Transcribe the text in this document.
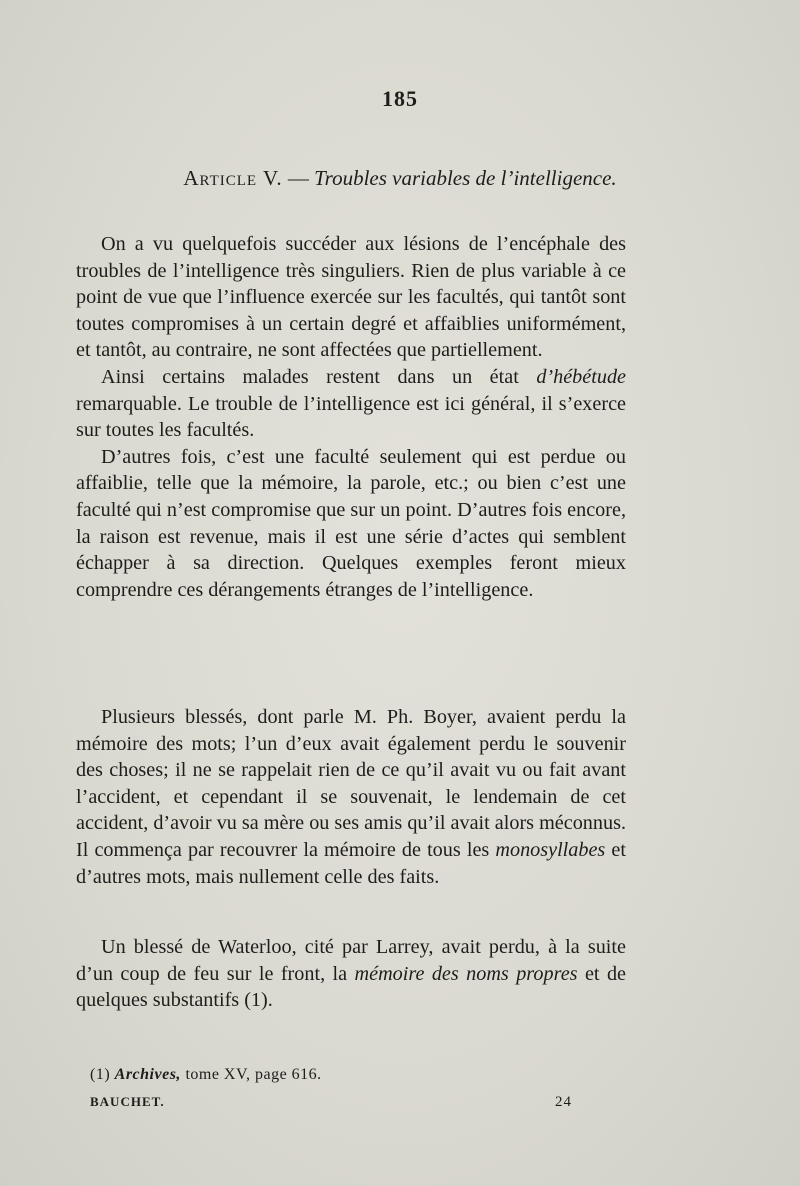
185
Article V. — Troubles variables de l’intelligence.

On a vu quelquefois succéder aux lésions de l’encéphale des troubles de l’intelligence très singuliers. Rien de plus variable à ce point de vue que l’influence exercée sur les facultés, qui tantôt sont toutes compromises à un certain degré et affaiblies uniformément, et tantôt, au contraire, ne sont affectées que partiellement.

Ainsi certains malades restent dans un état d’hébétude remarquable. Le trouble de l’intelligence est ici général, il s’exerce sur toutes les facultés.

D’autres fois, c’est une faculté seulement qui est perdue ou affaiblie, telle que la mémoire, la parole, etc.; ou bien c’est une faculté qui n’est compromise que sur un point. D’autres fois encore, la raison est revenue, mais il est une série d’actes qui semblent échapper à sa direction. Quelques exemples feront mieux comprendre ces dérangements étranges de l’intelligence.

Plusieurs blessés, dont parle M. Ph. Boyer, avaient perdu la mémoire des mots; l’un d’eux avait également perdu le souvenir des choses; il ne se rappelait rien de ce qu’il avait vu ou fait avant l’accident, et cependant il se souvenait, le lendemain de cet accident, d’avoir vu sa mère ou ses amis qu’il avait alors méconnus. Il commença par recouvrer la mémoire de tous les monosyllabes et d’autres mots, mais nullement celle des faits.

Un blessé de Waterloo, cité par Larrey, avait perdu, à la suite d’un coup de feu sur le front, la mémoire des noms propres et de quelques substantifs (1).

(1) Archives, tome XV, page 616.
BAUCHET.	24
